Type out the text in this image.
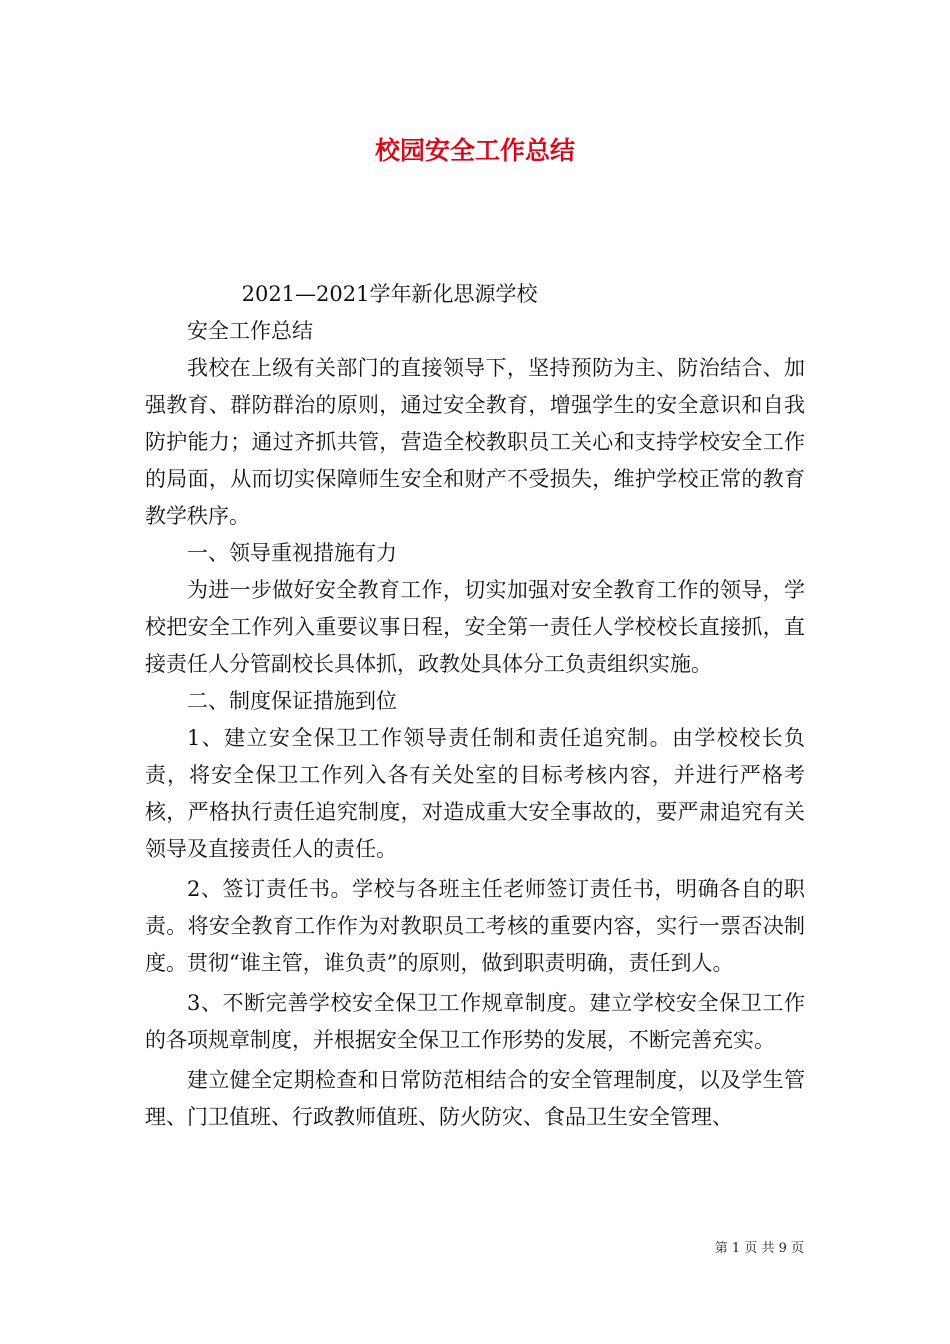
校园安全工作总结

2021—2021学年新化思源学校

安全工作总结

我校在上级有关部门的直接领导下，坚持预防为主、防治结合、加强教育、群防群治的原则，通过安全教育，增强学生的安全意识和自我防护能力；通过齐抓共管，营造全校教职员工关心和支持学校安全工作的局面，从而切实保障师生安全和财产不受损失，维护学校正常的教育教学秩序。

一、领导重视措施有力

为进一步做好安全教育工作，切实加强对安全教育工作的领导，学校把安全工作列入重要议事日程，安全第一责任人学校校长直接抓，直接责任人分管副校长具体抓，政教处具体分工负责组织实施。

二、制度保证措施到位

1、建立安全保卫工作领导责任制和责任追究制。由学校校长负责，将安全保卫工作列入各有关处室的目标考核内容，并进行严格考核，严格执行责任追究制度，对造成重大安全事故的，要严肃追究有关领导及直接责任人的责任。

2、签订责任书。学校与各班主任老师签订责任书，明确各自的职责。将安全教育工作作为对教职员工考核的重要内容，实行一票否决制度。贯彻“谁主管，谁负责”的原则，做到职责明确，责任到人。

3、不断完善学校安全保卫工作规章制度。建立学校安全保卫工作的各项规章制度，并根据安全保卫工作形势的发展，不断完善充实。

建立健全定期检查和日常防范相结合的安全管理制度，以及学生管理、门卫值班、行政教师值班、防火防灾、食品卫生安全管理、

第 1 页 共 9 页
